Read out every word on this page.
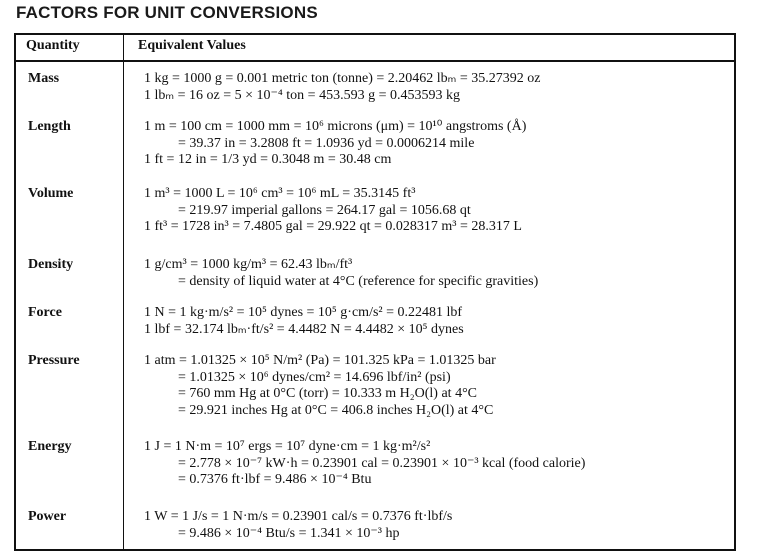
FACTORS FOR UNIT CONVERSIONS
Quantity	Equivalent Values
Mass	1 kg = 1000 g = 0.001 metric ton (tonne) = 2.20462 lbₘ = 35.27392 oz
1 lbₘ = 16 oz = 5 × 10⁻⁴ ton = 453.593 g = 0.453593 kg
Length	1 m = 100 cm = 1000 mm = 10⁶ microns (μm) = 10¹⁰ angstroms (Å)
= 39.37 in = 3.2808 ft = 1.0936 yd = 0.0006214 mile
1 ft = 12 in = 1/3 yd = 0.3048 m = 30.48 cm
Volume	1 m³ = 1000 L = 10⁶ cm³ = 10⁶ mL = 35.3145 ft³
= 219.97 imperial gallons = 264.17 gal = 1056.68 qt
1 ft³ = 1728 in³ = 7.4805 gal = 29.922 qt = 0.028317 m³ = 28.317 L
Density	1 g/cm³ = 1000 kg/m³ = 62.43 lbₘ/ft³
= density of liquid water at 4°C (reference for specific gravities)
Force	1 N = 1 kg·m/s² = 10⁵ dynes = 10⁵ g·cm/s² = 0.22481 lbf
1 lbf = 32.174 lbₘ·ft/s² = 4.4482 N = 4.4482 × 10⁵ dynes
Pressure	1 atm = 1.01325 × 10⁵ N/m² (Pa) = 101.325 kPa = 1.01325 bar
= 1.01325 × 10⁶ dynes/cm² = 14.696 lbf/in² (psi)
= 760 mm Hg at 0°C (torr) = 10.333 m H₂O(l) at 4°C
= 29.921 inches Hg at 0°C = 406.8 inches H₂O(l) at 4°C
Energy	1 J = 1 N·m = 10⁷ ergs = 10⁷ dyne·cm = 1 kg·m²/s²
= 2.778 × 10⁻⁷ kW·h = 0.23901 cal = 0.23901 × 10⁻³ kcal (food calorie)
= 0.7376 ft·lbf = 9.486 × 10⁻⁴ Btu
Power	1 W = 1 J/s = 1 N·m/s = 0.23901 cal/s = 0.7376 ft·lbf/s
= 9.486 × 10⁻⁴ Btu/s = 1.341 × 10⁻³ hp
